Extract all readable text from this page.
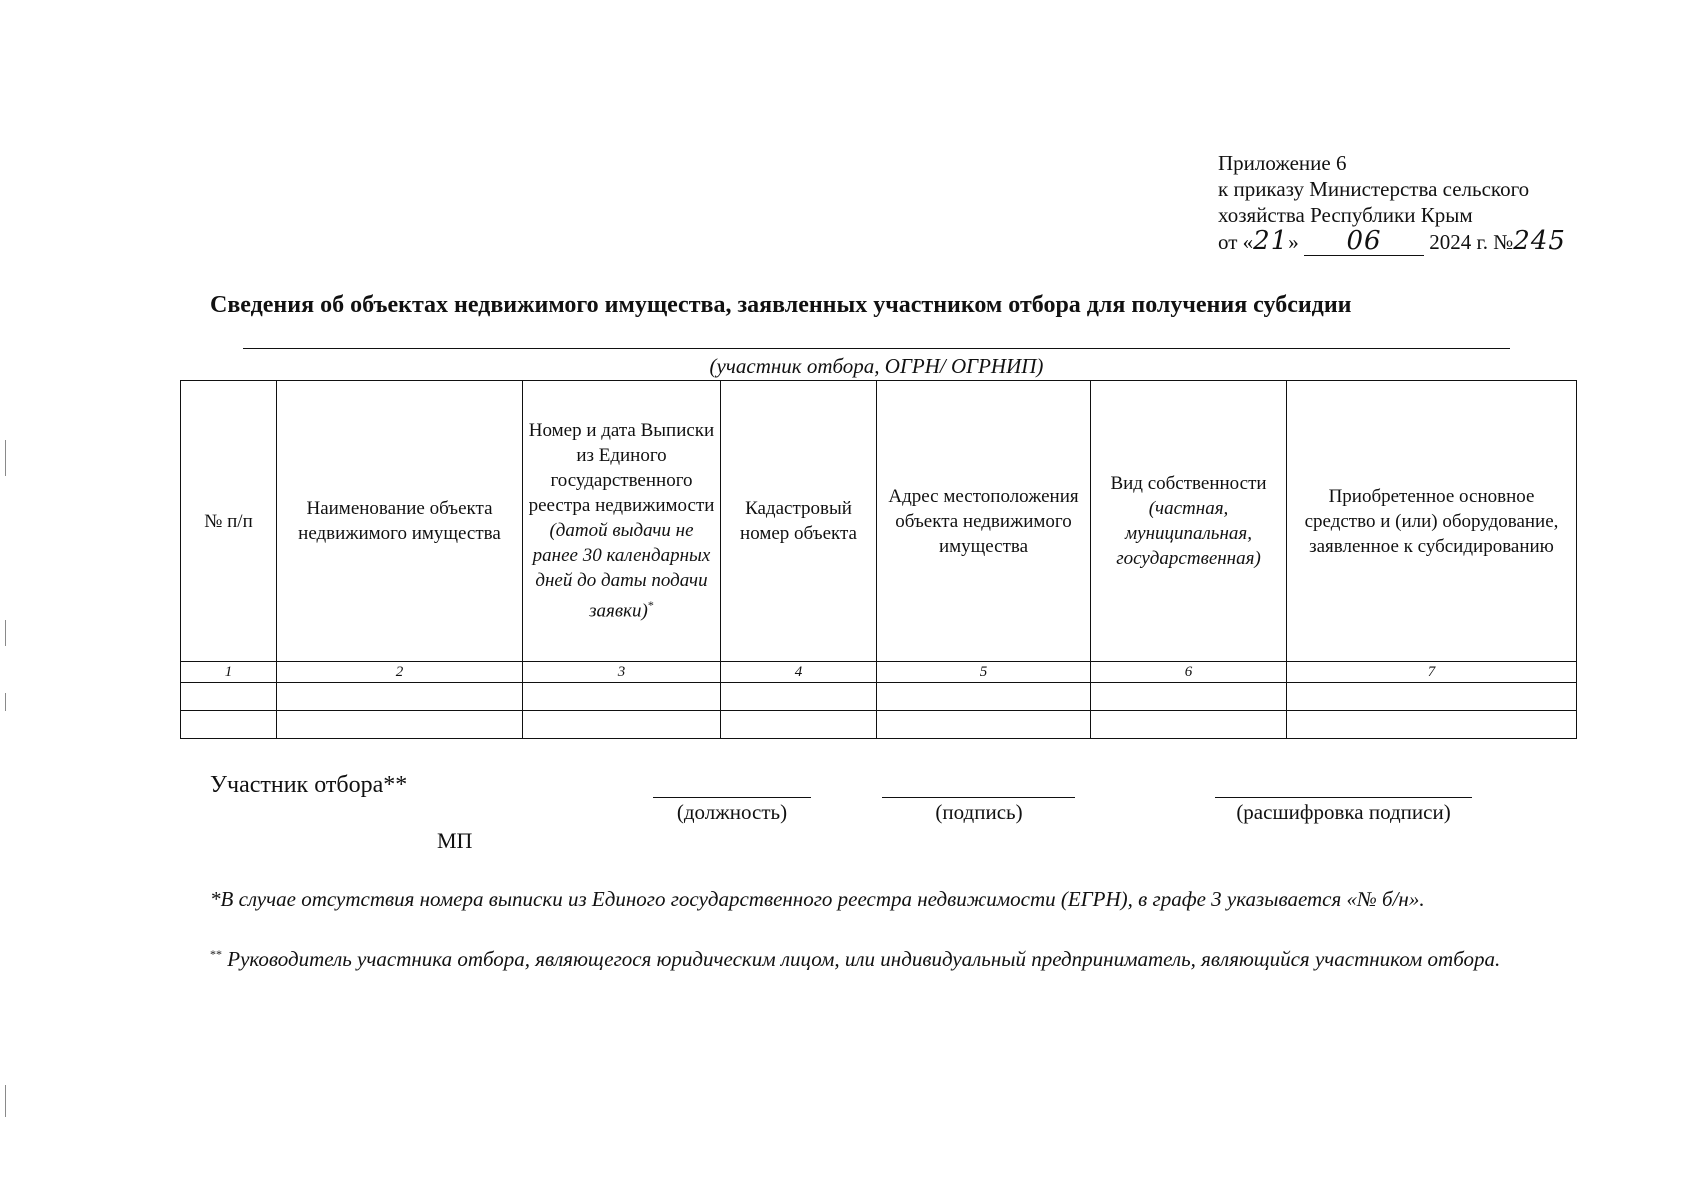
Приложение 6
к приказу Министерства сельского
хозяйства Республики Крым
от «21» 06 2024 г. №245
Сведения об объектах недвижимого имущества, заявленных участником отбора для получения субсидии
(участник отбора, ОГРН/ ОГРНИП)
№ п/п	Наименование объекта недвижимого имущества	Номер и дата Выписки из Единого государственного реестра недвижимости (датой выдачи не ранее 30 календарных дней до даты подачи заявки)*	Кадастровый номер объекта	Адрес местоположения объекта недвижимого имущества	Вид собственности (частная, муниципальная, государственная)	Приобретенное основное средство и (или) оборудование, заявленное к субсидированию
1	2	3	4	5	6	7

Участник отбора**
(должность)	(подпись)	(расшифровка подписи)
МП
*В случае отсутствия номера выписки из Единого государственного реестра недвижимости (ЕГРН), в графе 3 указывается «№ б/н».
** Руководитель участника отбора, являющегося юридическим лицом, или индивидуальный предприниматель, являющийся участником отбора.
